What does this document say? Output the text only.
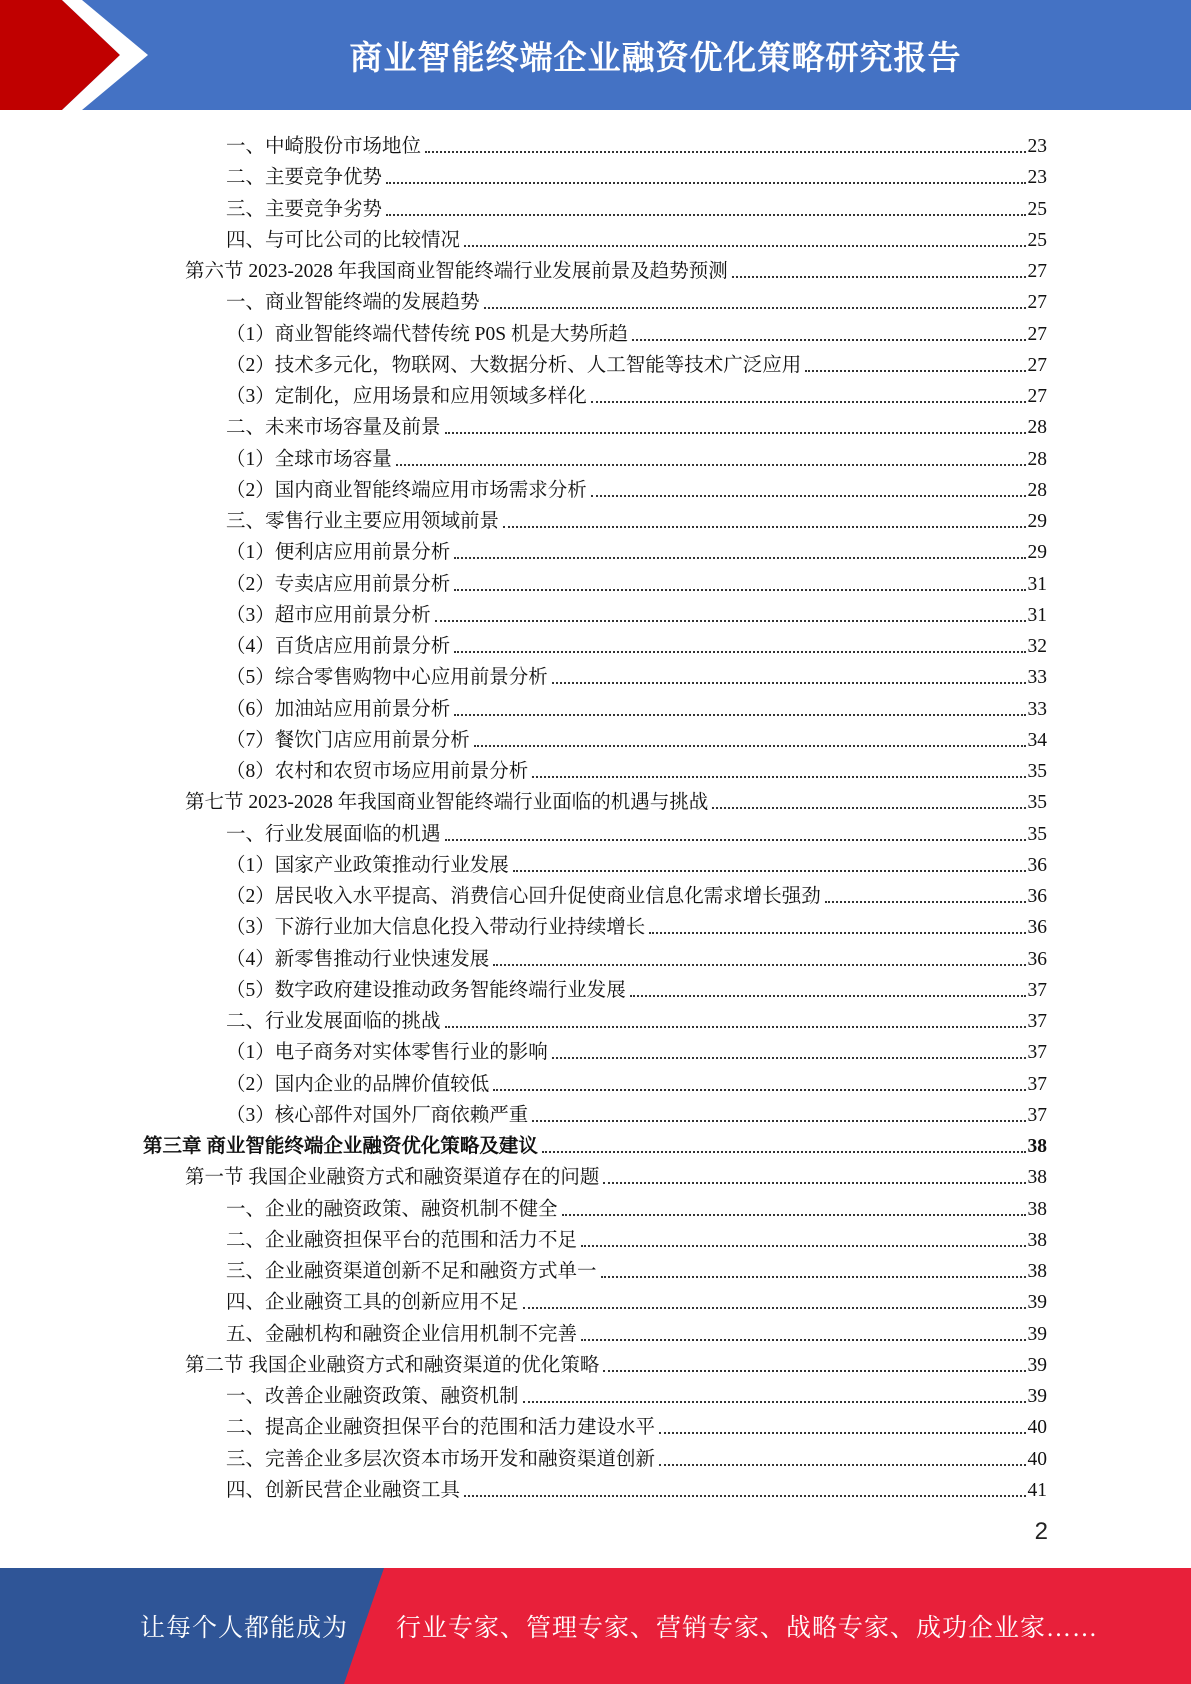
商业智能终端企业融资优化策略研究报告
一、中崎股份市场地位	23
二、主要竞争优势	23
三、主要竞争劣势	25
四、与可比公司的比较情况	25
第六节 2023-2028 年我国商业智能终端行业发展前景及趋势预测	27
一、商业智能终端的发展趋势	27
（1）商业智能终端代替传统 P0S 机是大势所趋	27
（2）技术多元化，物联网、大数据分析、人工智能等技术广泛应用	27
（3）定制化，应用场景和应用领域多样化	27
二、未来市场容量及前景	28
（1）全球市场容量	28
（2）国内商业智能终端应用市场需求分析	28
三、零售行业主要应用领域前景	29
（1）便利店应用前景分析	29
（2）专卖店应用前景分析	31
（3）超市应用前景分析	31
（4）百货店应用前景分析	32
（5）综合零售购物中心应用前景分析	33
（6）加油站应用前景分析	33
（7）餐饮门店应用前景分析	34
（8）农村和农贸市场应用前景分析	35
第七节 2023-2028 年我国商业智能终端行业面临的机遇与挑战	35
一、行业发展面临的机遇	35
（1）国家产业政策推动行业发展	36
（2）居民收入水平提高、消费信心回升促使商业信息化需求增长强劲	36
（3）下游行业加大信息化投入带动行业持续增长	36
（4）新零售推动行业快速发展	36
（5）数字政府建设推动政务智能终端行业发展	37
二、行业发展面临的挑战	37
（1）电子商务对实体零售行业的影响	37
（2）国内企业的品牌价值较低	37
（3）核心部件对国外厂商依赖严重	37
第三章 商业智能终端企业融资优化策略及建议	38
第一节 我国企业融资方式和融资渠道存在的问题	38
一、企业的融资政策、融资机制不健全	38
二、企业融资担保平台的范围和活力不足	38
三、企业融资渠道创新不足和融资方式单一	38
四、企业融资工具的创新应用不足	39
五、金融机构和融资企业信用机制不完善	39
第二节 我国企业融资方式和融资渠道的优化策略	39
一、改善企业融资政策、融资机制	39
二、提高企业融资担保平台的范围和活力建设水平	40
三、完善企业多层次资本市场开发和融资渠道创新	40
四、创新民营企业融资工具	41
2
让每个人都能成为 行业专家、管理专家、营销专家、战略专家、成功企业家……
